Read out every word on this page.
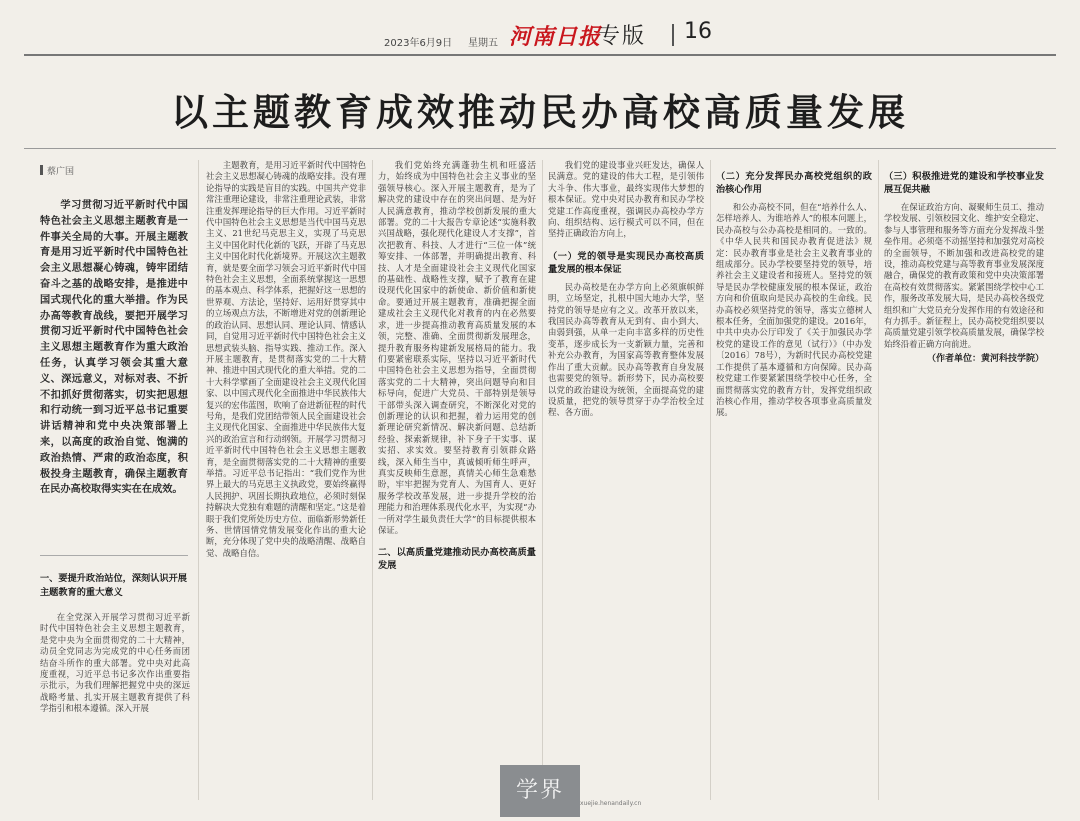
2023年6月9日 星期五 河南日报
专版 16
以主题教育成效推动民办高校高质量发展
蔡广国

学习贯彻习近平新时代中国特色社会主义思想主题教育是一件事关全局的大事。开展主题教育是用习近平新时代中国特色社会主义思想凝心铸魂，铸牢团结奋斗之基的战略安排，是推进中国式现代化的重大举措。作为民办高等教育战线，要把开展学习贯彻习近平新时代中国特色社会主义思想主题教育作为重大政治任务，认真学习领会其重大意义、深远意义，对标对表、不折不扣抓好贯彻落实，切实把思想和行动统一到习近平总书记重要讲话精神和党中央决策部署上来，以高度的政治自觉、饱满的政治热情、严肃的政治态度，积极投身主题教育，确保主题教育在民办高校取得实实在在成效。

一、要提升政治站位，深刻认识开展主题教育的重大意义

在全党深入开展学习贯彻习近平新时代中国特色社会主义思想主题教育，是党中央为全面贯彻党的二十大精神，动员全党同志为完成党的中心任务而团结奋斗所作的重大部署。党中央对此高度重视，习近平总书记多次作出重要指示批示，为我们理解把握党中央的深远战略考量、扎实开展主题教育提供了科学指引和根本遵循。深入开展

主题教育，是用习近平新时代中国特色社会主义思想凝心铸魂的战略安排。没有理论指导的实践是盲目的实践。中国共产党非常注重理论建设，非常注重理论武装，非常注重发挥理论指导的巨大作用。习近平新时代中国特色社会主义思想是当代中国马克思主义、21世纪马克思主义，实现了马克思主义中国化时代化新的飞跃，开辟了马克思主义中国化时代化新境界。开展这次主题教育，就是要全面学习领会习近平新时代中国特色社会主义思想，全面系统掌握这一思想的基本观点、科学体系，把握好这一思想的世界观、方法论，坚持好、运用好贯穿其中的立场观点方法，不断增进对党的创新理论的政治认同、思想认同、理论认同、情感认同，自觉用习近平新时代中国特色社会主义思想武装头脑、指导实践、推动工作。深入开展主题教育，是贯彻落实党的二十大精神、推进中国式现代化的重大举措。党的二十大科学擘画了全面建设社会主义现代化国家、以中国式现代化全面推进中华民族伟大复兴的宏伟蓝图，吹响了奋进新征程的时代号角，是我们党团结带领人民全面建设社会主义现代化国家、全面推进中华民族伟大复兴的政治宣言和行动纲领。开展学习贯彻习近平新时代中国特色社会主义思想主题教育，是全面贯彻落实党的二十大精神的重要举措。习近平总书记指出：“我们党作为世界上最大的马克思主义执政党，要始终赢得人民拥护、巩固长期执政地位，必须时刻保持解决大党独有难题的清醒和坚定。”这是着眼于我们党所处历史方位、面临新形势新任务、世情国情党情发展变化作出的重大论断，充分体现了党中央的战略清醒、战略自觉、战略自信。

我们党始终充满蓬勃生机和旺盛活力，始终成为中国特色社会主义事业的坚强领导核心。深入开展主题教育，是为了解决党的建设中存在的突出问题、是为好人民满意教育，推动学校创新发展的重大部署。党的二十大报告专章论述“实施科教兴国战略，强化现代化建设人才支撑”，首次把教育、科技、人才进行“三位一体”统筹安排、一体部署，并明确提出教育、科技、人才是全面建设社会主义现代化国家的基础性、战略性支撑，赋予了教育在建设现代化国家中的新使命、新价值和新使命。要通过开展主题教育，准确把握全面建成社会主义现代化对教育的内在必然要求，进一步提高推动教育高质量发展的本领，完整、准确、全面贯彻新发展理念，提升教育服务构建新发展格局的能力。我们要紧密联系实际，坚持以习近平新时代中国特色社会主义思想为指导，全面贯彻落实党的二十大精神，突出问题导向和目标导向，促进广大党员、干部特别是领导干部带头深入调查研究，不断深化对党的创新理论的认识和把握，着力运用党的创新理论研究新情况、解决新问题、总结新经验、探索新规律，补下身子干实事、谋实招、求实效。要坚持教育引领群众路线，深入师生当中，真诚倾听师生呼声，真实反映师生意愿，真情关心师生急难愁盼，牢牢把握为党育人、为国育人、更好服务学校改革发展，进一步提升学校的治理能力和治理体系现代化水平，为实现“办一所对学生最负责任大学”的目标提供根本保证。

二、以高质量党建推动民办高校高质量发展

我们党的建设事业兴旺发达，确保人民满意。党的建设的伟大工程，是引领伟大斗争、伟大事业，最终实现伟大梦想的根本保证。党中央对民办教育和民办学校党建工作高度重视，强调民办高校办学方向、组织结构、运行模式可以不同，但在坚持正确政治方向上，

（一）党的领导是实现民办高校高质量发展的根本保证

民办高校是在办学方向上必须旗帜鲜明，立场坚定，扎根中国大地办大学，坚持党的领导是应有之义。改革开放以来，我国民办高等教育从无到有、由小到大、由弱到强，从单一走向丰富多样的历史性变革，逐步成长为一支新颖力量，完善和补充公办教育，为国家高等教育整体发展作出了重大贡献。民办高等教育自身发展也需要党的领导。新形势下，民办高校要以党的政治建设为统领，全面提高党的建设质量，把党的领导贯穿于办学治校全过程、各方面。

（二）充分发挥民办高校党组织的政治核心作用

和公办高校不同，但在“培养什么人、怎样培养人、为谁培养人”的根本问题上，民办高校与公办高校是相同的。一致的。《中华人民共和国民办教育促进法》规定：民办教育事业是社会主义教育事业的组成部分。民办学校要坚持党的领导，培养社会主义建设者和接班人。坚持党的领导是民办学校健康发展的根本保证，政治方向和价值取向是民办高校的生命线。民办高校必须坚持党的领导，落实立德树人根本任务，全面加强党的建设。2016年，中共中央办公厅印发了《关于加强民办学校党的建设工作的意见（试行）》（中办发〔2016〕78号），为新时代民办高校党建工作提供了基本遵循和方向保障。民办高校党建工作要紧紧围绕学校中心任务，全面贯彻落实党的教育方针，发挥党组织政治核心作用，推动学校各项事业高质量发展。

（三）积极推进党的建设和学校事业发展互促共融

在保证政治方向、凝聚师生员工、推动学校发展、引领校园文化、维护安全稳定、参与人事管理和服务等方面充分发挥战斗堡垒作用。必须毫不动摇坚持和加强党对高校的全面领导，不断加强和改进高校党的建设，推动高校党建与高等教育事业发展深度融合，确保党的教育政策和党中央决策部署在高校有效贯彻落实。紧紧围绕学校中心工作，服务改革发展大局，是民办高校各级党组织和广大党员充分发挥作用的有效途径和有力抓手。新征程上，民办高校党组织要以高质量党建引领学校高质量发展，确保学校始终沿着正确方向前进。

（作者单位：黄河科技学院）
学界
xuejie.henandaily.cn
